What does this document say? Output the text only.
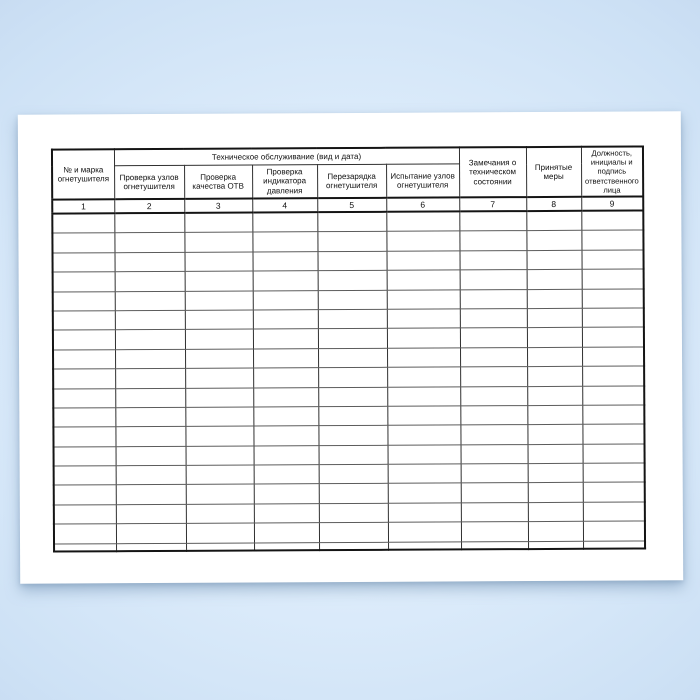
№ и марка
огнетушителя	Техническое обслуживание (вид и дата)					Замечания о
техническом
состоянии	Принятые
меры	Должность,
инициалы и
подпись
ответственного
лица
	Проверка узлов
огнетушителя	Проверка
качества ОТВ	Проверка
индикатора
давления	Перезарядка
огнетушителя	Испытание узлов
огнетушителя			
1	2	3	4	5	6	7	8	9
